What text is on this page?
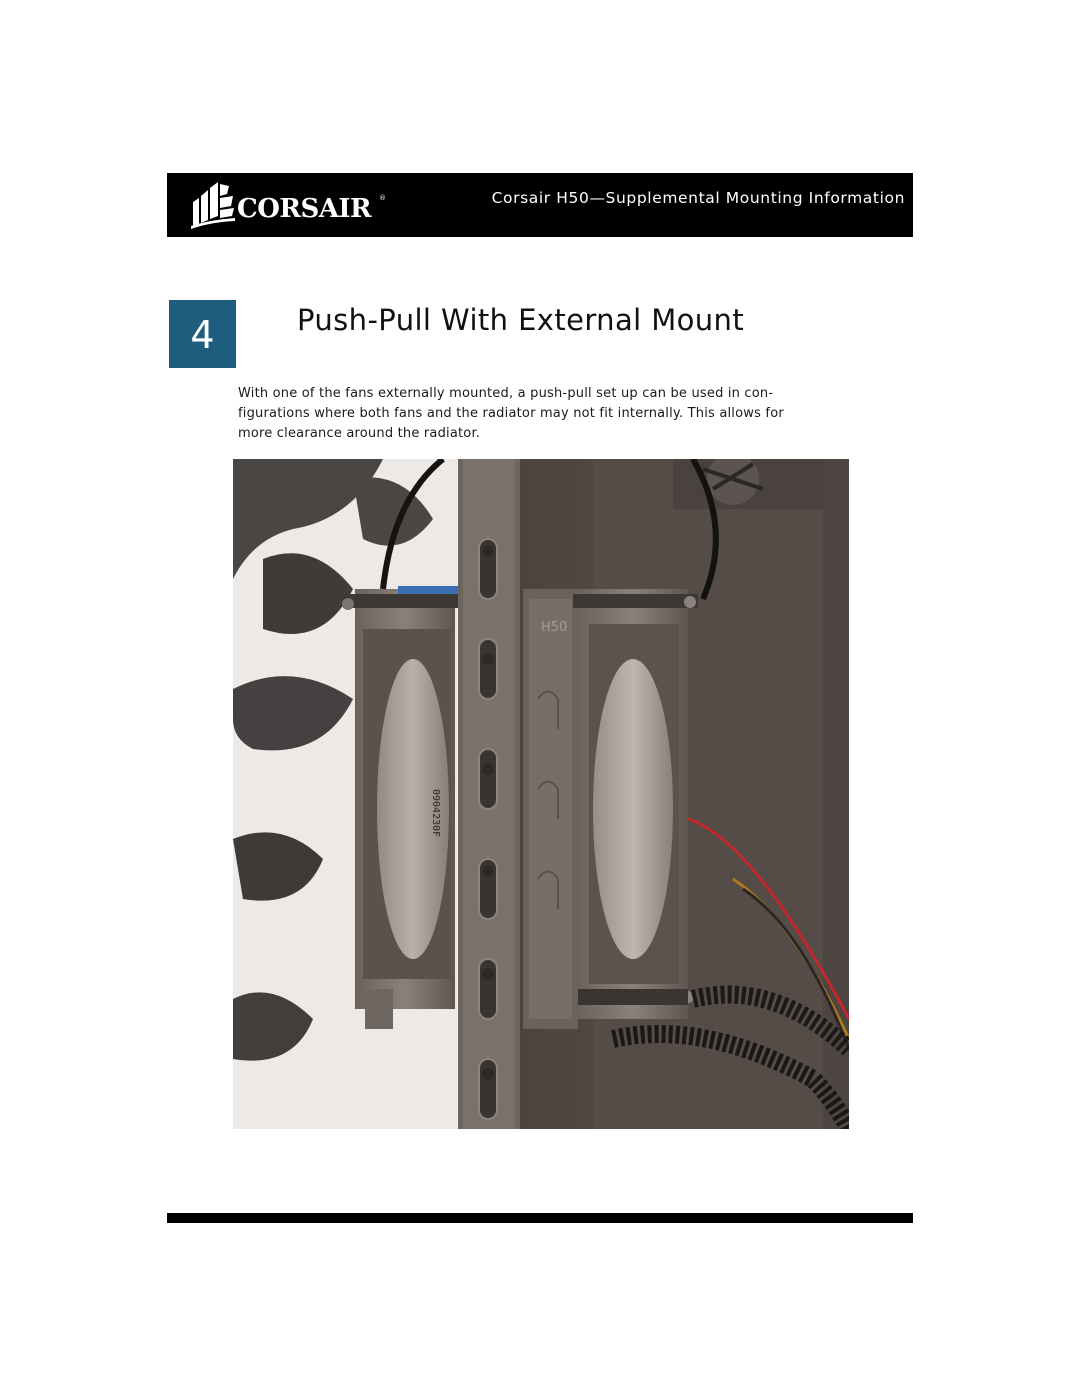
CORSAIR ®	Corsair H50—Supplemental Mounting Information
4	Push-Pull With External Mount
With one of the fans externally mounted, a push-pull set up can be used in con-
figurations where both fans and the radiator may not fit internally. This allows for
more clearance around the radiator.
0904230F
H50
